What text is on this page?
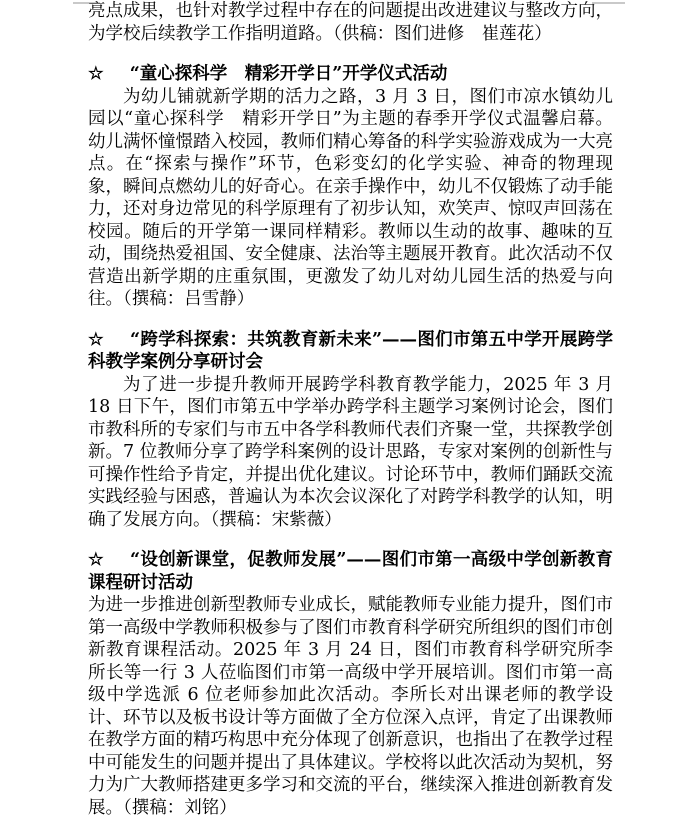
亮点成果，也针对教学过程中存在的问题提出改进建议与整改方向，为学校后续教学工作指明道路。（供稿：图们进修　崔莲花）

☆ “童心探科学　精彩开学日”开学仪式活动

为幼儿铺就新学期的活力之路，3 月 3 日，图们市凉水镇幼儿园以“童心探科学　精彩开学日”为主题的春季开学仪式温馨启幕。幼儿满怀憧憬踏入校园，教师们精心筹备的科学实验游戏成为一大亮点。在“探索与操作”环节，色彩变幻的化学实验、神奇的物理现象，瞬间点燃幼儿的好奇心。在亲手操作中，幼儿不仅锻炼了动手能力，还对身边常见的科学原理有了初步认知，欢笑声、惊叹声回荡在校园。随后的开学第一课同样精彩。教师以生动的故事、趣味的互动，围绕热爱祖国、安全健康、法治等主题展开教育。此次活动不仅营造出新学期的庄重氛围，更激发了幼儿对幼儿园生活的热爱与向往。（撰稿：吕雪静）

☆ “跨学科探索：共筑教育新未来”——图们市第五中学开展跨学科教学案例分享研讨会

为了进一步提升教师开展跨学科教育教学能力，2025 年 3 月 18 日下午，图们市第五中学举办跨学科主题学习案例讨论会，图们市教科所的专家们与市五中各学科教师代表们齐聚一堂，共探教学创新。7 位教师分享了跨学科案例的设计思路，专家对案例的创新性与可操作性给予肯定，并提出优化建议。讨论环节中，教师们踊跃交流实践经验与困惑，普遍认为本次会议深化了对跨学科教学的认知，明确了发展方向。（撰稿：宋紫薇）

☆ “设创新课堂，促教师发展”——图们市第一高级中学创新教育课程研讨活动

为进一步推进创新型教师专业成长，赋能教师专业能力提升，图们市第一高级中学教师积极参与了图们市教育科学研究所组织的图们市创新教育课程活动。2025 年 3 月 24 日，图们市教育科学研究所李所长等一行 3 人莅临图们市第一高级中学开展培训。图们市第一高级中学选派 6 位老师参加此次活动。李所长对出课老师的教学设计、环节以及板书设计等方面做了全方位深入点评，肯定了出课教师在教学方面的精巧构思中充分体现了创新意识，也指出了在教学过程中可能发生的问题并提出了具体建议。学校将以此次活动为契机，努力为广大教师搭建更多学习和交流的平台，继续深入推进创新教育发展。（撰稿：刘铭）
